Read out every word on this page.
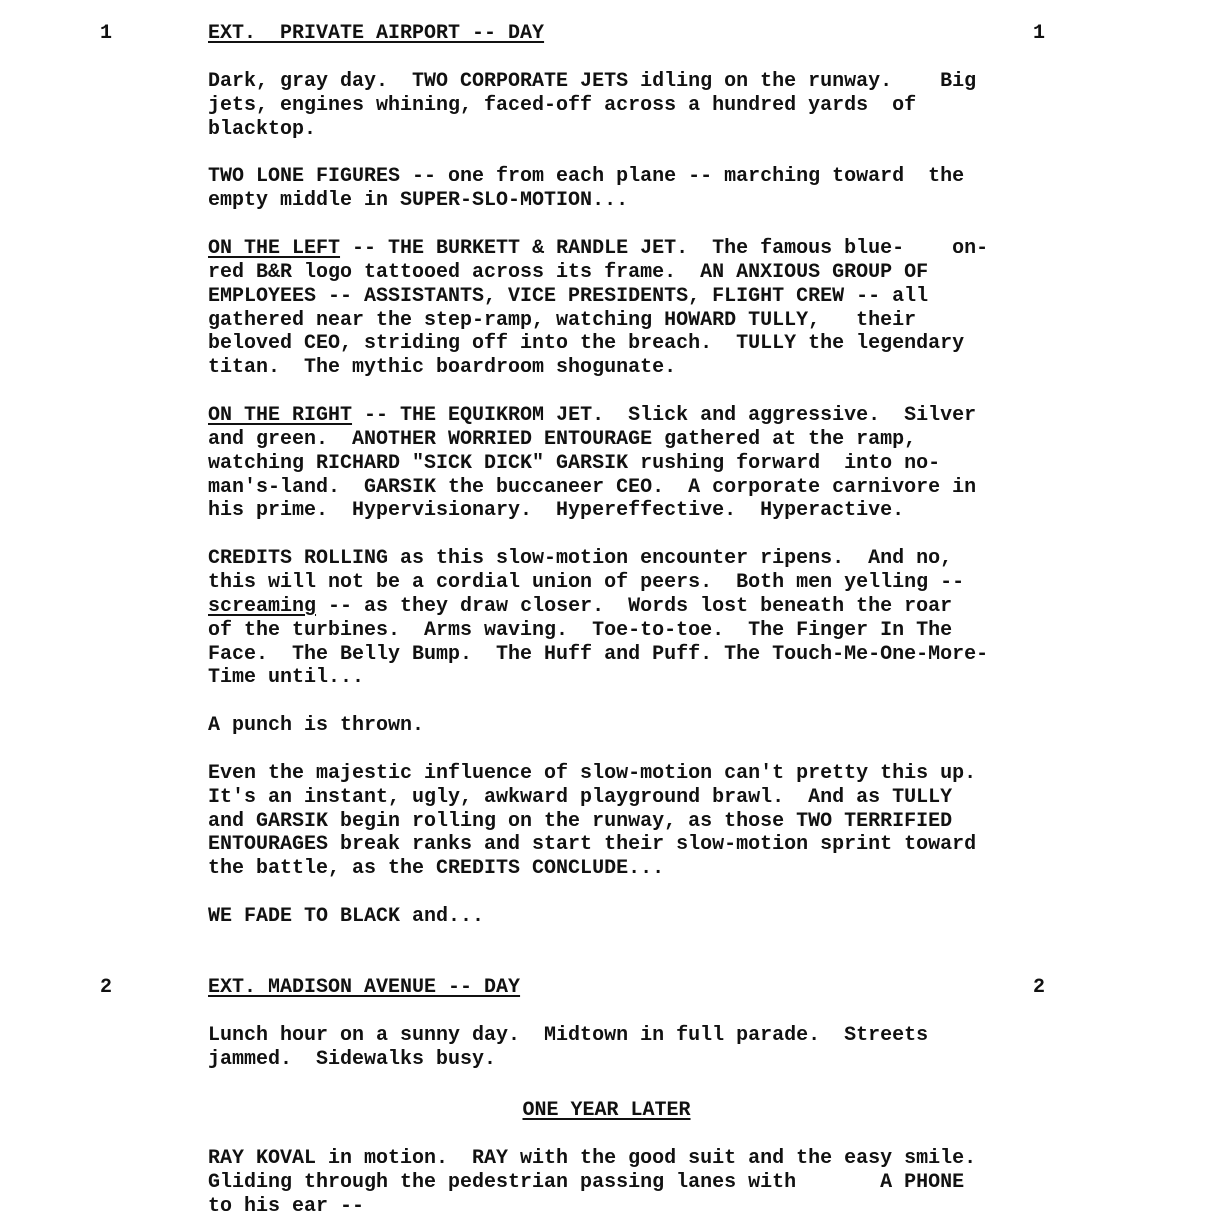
1	EXT.  PRIVATE AIRPORT -- DAY	1
Dark, gray day.  TWO CORPORATE JETS idling on the runway.    Big
jets, engines whining, faced-off across a hundred yards  of
blacktop.
TWO LONE FIGURES -- one from each plane -- marching toward  the
empty middle in SUPER-SLO-MOTION...
ON THE LEFT -- THE BURKETT & RANDLE JET.  The famous blue-    on-
red B&R logo tattooed across its frame.  AN ANXIOUS GROUP OF
EMPLOYEES -- ASSISTANTS, VICE PRESIDENTS, FLIGHT CREW -- all
gathered near the step-ramp, watching HOWARD TULLY,   their
beloved CEO, striding off into the breach.  TULLY the legendary
titan.  The mythic boardroom shogunate.
ON THE RIGHT -- THE EQUIKROM JET.  Slick and aggressive.  Silver
and green.  ANOTHER WORRIED ENTOURAGE gathered at the ramp,
watching RICHARD "SICK DICK" GARSIK rushing forward  into no-
man's-land.  GARSIK the buccaneer CEO.  A corporate carnivore in
his prime.  Hypervisionary.  Hypereffective.  Hyperactive.
CREDITS ROLLING as this slow-motion encounter ripens.  And no,
this will not be a cordial union of peers.  Both men yelling --
screaming -- as they draw closer.  Words lost beneath the roar
of the turbines.  Arms waving.  Toe-to-toe.  The Finger In The
Face.  The Belly Bump.  The Huff and Puff. The Touch-Me-One-More-
Time until...
A punch is thrown.
Even the majestic influence of slow-motion can't pretty this up.
It's an instant, ugly, awkward playground brawl.  And as TULLY
and GARSIK begin rolling on the runway, as those TWO TERRIFIED
ENTOURAGES break ranks and start their slow-motion sprint toward
the battle, as the CREDITS CONCLUDE...
WE FADE TO BLACK and...
2	EXT. MADISON AVENUE -- DAY	2
Lunch hour on a sunny day.  Midtown in full parade.  Streets
jammed.  Sidewalks busy.
ONE YEAR LATER
RAY KOVAL in motion.  RAY with the good suit and the easy smile.
Gliding through the pedestrian passing lanes with       A PHONE
to his ear --
